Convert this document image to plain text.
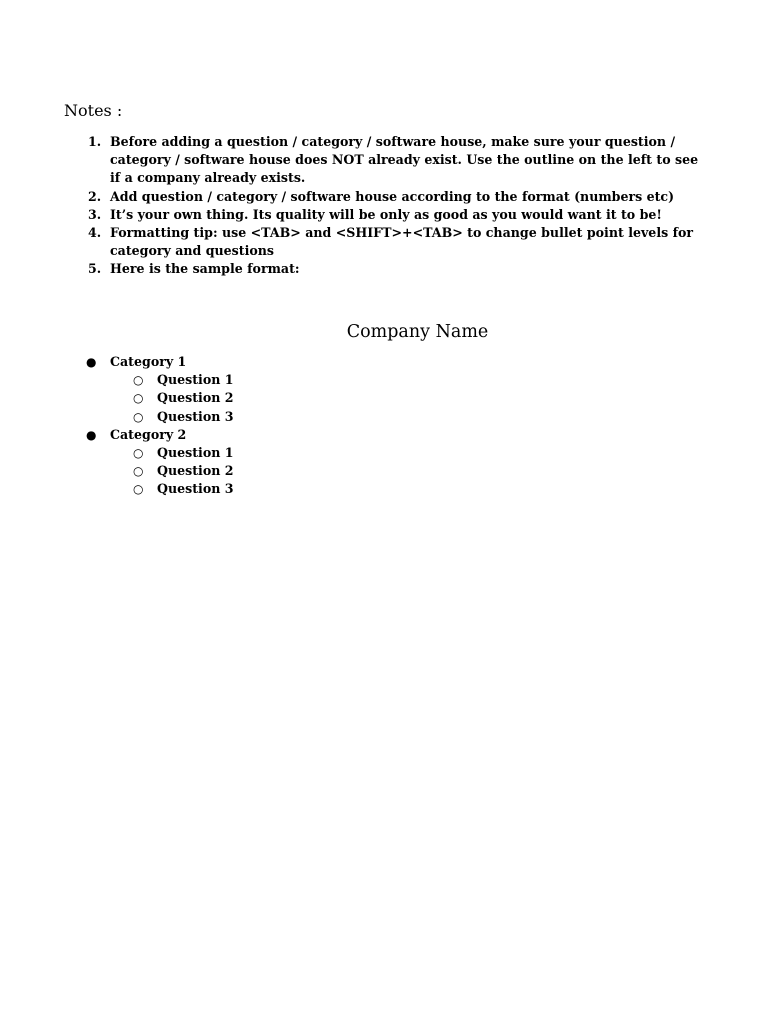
Notes :
1. Before adding a question / category / software house, make sure your question / category / software house does NOT already exist. Use the outline on the left to see if a company already exists.
2. Add question / category / software house according to the format (numbers etc)
3. It’s your own thing. Its quality will be only as good as you would want it to be!
4. Formatting tip: use <TAB> and <SHIFT>+<TAB> to change bullet point levels for category and questions
5. Here is the sample format:
Company Name
● Category 1
○ Question 1
○ Question 2
○ Question 3
● Category 2
○ Question 1
○ Question 2
○ Question 3
